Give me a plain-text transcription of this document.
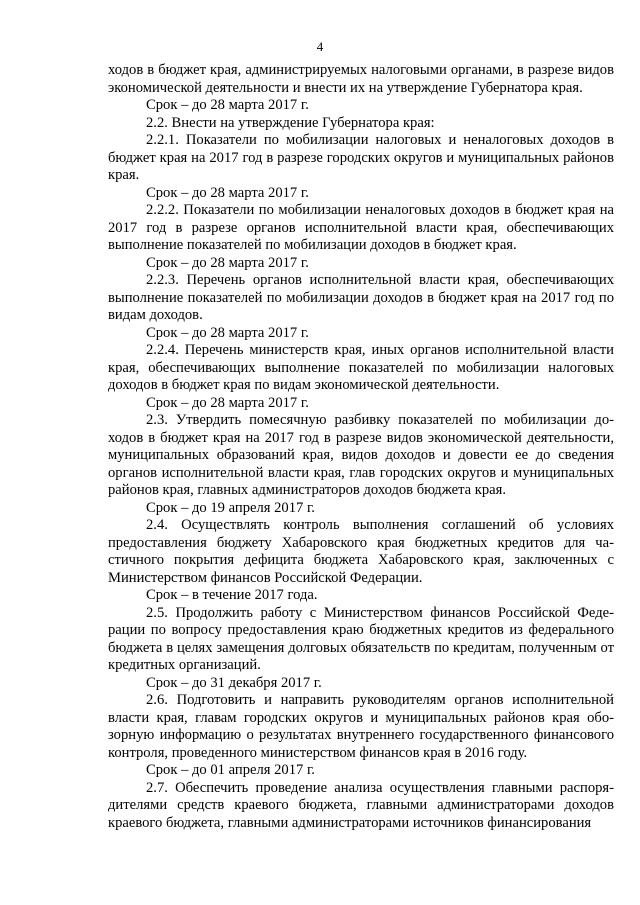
4

ходов в бюджет края, администрируемых налоговыми органами, в разрезе видов экономической деятельности и внести их на утверждение Губернатора края.

Срок – до 28 марта 2017 г.

2.2. Внести на утверждение Губернатора края:

2.2.1. Показатели по мобилизации налоговых и неналоговых доходов в бюджет края на 2017 год в разрезе городских округов и муниципальных районов края.

Срок – до 28 марта 2017 г.

2.2.2. Показатели по мобилизации неналоговых доходов в бюджет края на 2017 год в разрезе органов исполнительной власти края, обеспечивающих выполнение показателей по мобилизации доходов в бюджет края.

Срок – до 28 марта 2017 г.

2.2.3. Перечень органов исполнительной власти края, обеспечивающих выполнение показателей по мобилизации доходов в бюджет края на 2017 год по видам доходов.

Срок – до 28 марта 2017 г.

2.2.4. Перечень министерств края, иных органов исполнительной власти края, обеспечивающих выполнение показателей по мобилизации налоговых доходов в бюджет края по видам экономической деятельности.

Срок – до 28 марта 2017 г.

2.3. Утвердить помесячную разбивку показателей по мобилизации доходов в бюджет края на 2017 год в разрезе видов экономической деятельности, муниципальных образований края, видов доходов и довести ее до сведения органов исполнительной власти края, глав городских округов и муниципальных районов края, главных администраторов доходов бюджета края.

Срок – до 19 апреля 2017 г.

2.4. Осуществлять контроль выполнения соглашений об условиях предоставления бюджету Хабаровского края бюджетных кредитов для частичного покрытия дефицита бюджета Хабаровского края, заключенных с Министерством финансов Российской Федерации.

Срок – в течение 2017 года.

2.5. Продолжить работу с Министерством финансов Российской Федерации по вопросу предоставления краю бюджетных кредитов из федерального бюджета в целях замещения долговых обязательств по кредитам, полученным от кредитных организаций.

Срок – до 31 декабря 2017 г.

2.6. Подготовить и направить руководителям органов исполнительной власти края, главам городских округов и муниципальных районов края обозорную информацию о результатах внутреннего государственного финансового контроля, проведенного министерством финансов края в 2016 году.

Срок – до 01 апреля 2017 г.

2.7. Обеспечить проведение анализа осуществления главными распорядителями средств краевого бюджета, главными администраторами доходов краевого бюджета, главными администраторами источников финансирования
